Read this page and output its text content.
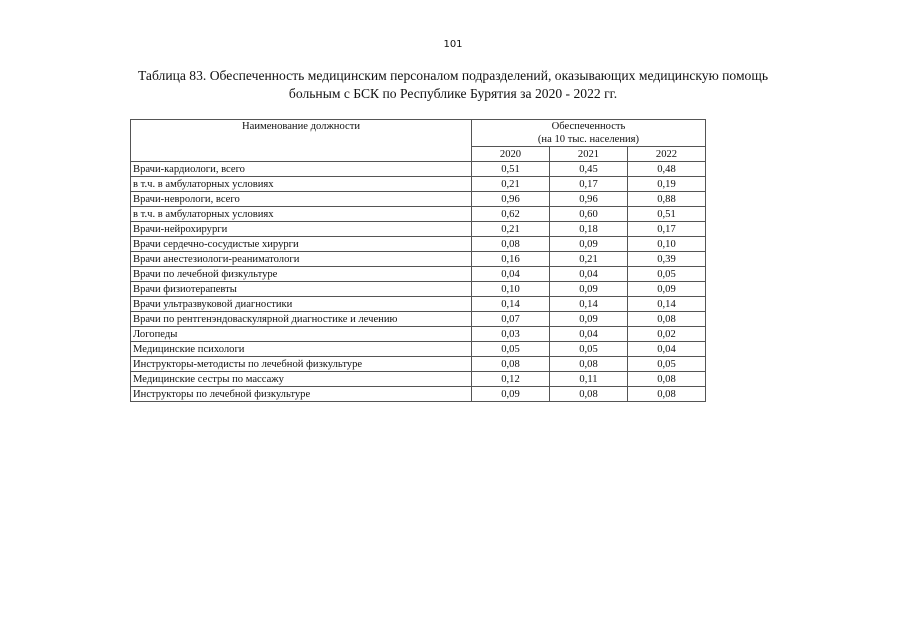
101
Таблица 83. Обеспеченность медицинским персоналом подразделений, оказывающих медицинскую помощь
больным с БСК по Республике Бурятия за 2020 - 2022 гг.
Наименование должности	Обеспеченность
(на 10 тыс. населения)		

	2020	2021	2022
Врачи-кардиологи, всего	0,51	0,45	0,48
в т.ч. в амбулаторных условиях	0,21	0,17	0,19
Врачи-неврологи, всего	0,96	0,96	0,88
в т.ч. в амбулаторных условиях	0,62	0,60	0,51
Врачи-нейрохирурги	0,21	0,18	0,17
Врачи сердечно-сосудистые хирурги	0,08	0,09	0,10
Врачи анестезиологи-реаниматологи	0,16	0,21	0,39
Врачи по лечебной физкультуре	0,04	0,04	0,05
Врачи физиотерапевты	0,10	0,09	0,09
Врачи ультразвуковой диагностики	0,14	0,14	0,14
Врачи по рентгенэндоваскулярной диагностике и лечению	0,07	0,09	0,08
Логопеды	0,03	0,04	0,02
Медицинские психологи	0,05	0,05	0,04
Инструкторы-методисты по лечебной физкультуре	0,08	0,08	0,05
Медицинские сестры по массажу	0,12	0,11	0,08
Инструкторы по лечебной физкультуре	0,09	0,08	0,08
